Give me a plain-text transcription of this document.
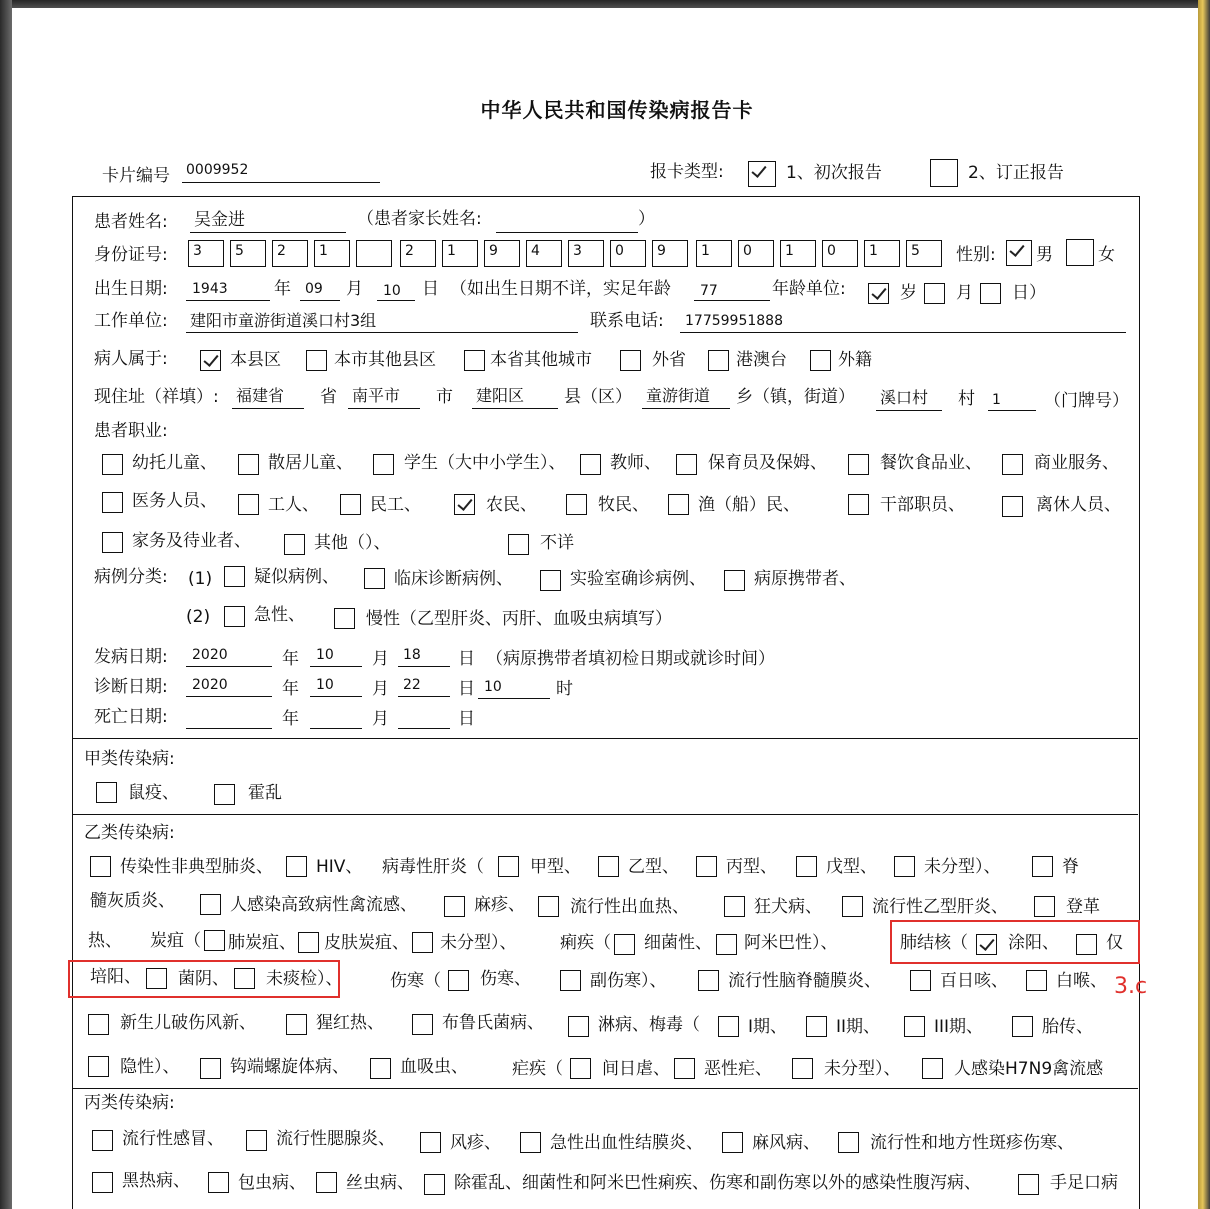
中华人民共和国传染病报告卡
卡片编号 0009952	报卡类型:	1、初次报告	2、订正报告
患者姓名: 吴金进	（患者家长姓名:	）
身份证号: 3 5 2 1	2 1 9 4 3 0 9	1 0 1 0 1 5 性别: 男	女
出生日期: 1943	年 09 月 10 日 （如出生日期不详，实足年龄 77	年龄单位:	岁 月 日）
工作单位: 建阳市童游街道溪口村3组	联系电话: 17759951888
病人属于:	本县区	本市其他县区	本省其他城市	外省	港澳台	外籍
现住址（祥填）: 福建省 省 南平市 市 建阳区 县（区） 童游街道 乡（镇，街道） 溪口村 村 1	（门牌号）
患者职业:
幼托儿童、	散居儿童、	学生（大中小学生）、	教师、	保育员及保姆、	餐饮食品业、	商业服务、
医务人员、	工人、	民工、	农民、	牧民、	渔（船）民、	干部职员、	离休人员、
家务及待业者、	其他（）、	不详
病例分类: (1) 疑似病例、	临床诊断病例、	实验室确诊病例、	病原携带者、
(2)	急性、	慢性（乙型肝炎、丙肝、血吸虫病填写）
发病日期: 2020	年 10 月 18 日 （病原携带者填初检日期或就诊时间）
诊断日期: 2020	年 10 月 22 日 10	时
死亡日期:	年	月	日
甲类传染病:
鼠疫、	霍乱
乙类传染病:
传染性非典型肺炎、	HIV、 病毒性肝炎（	甲型、	乙型、	丙型、	戊型、	未分型）、	脊
髓灰质炎、	人感染高致病性禽流感、	麻疹、	流行性出血热、	狂犬病、	流行性乙型肝炎、	登革
热、 炭疽（ 肺炭疽、 皮肤炭疽、 未分型）、	痢疾（ 细菌性、 阿米巴性）、	肺结核（ 涂阳、	仅
培阳、 菌阴、 未痰检）、	伤寒（ 伤寒、	副伤寒）、	流行性脑脊髓膜炎、	百日咳、	白喉、 3.c
新生儿破伤风新、	猩红热、	布鲁氏菌病、	淋病、梅毒（	I期、	II期、	III期、	胎传、
隐性）、	钩端螺旋体病、	血吸虫、	疟疾（ 间日虐、 恶性疟、	未分型）、	人感染H7N9禽流感
丙类传染病:
流行性感冒、	流行性腮腺炎、	风疹、	急性出血性结膜炎、	麻风病、	流行性和地方性斑疹伤寒、
黑热病、	包虫病、 丝虫病、 除霍乱、细菌性和阿米巴性痢疾、伤寒和副伤寒以外的感染性腹泻病、	手足口病
